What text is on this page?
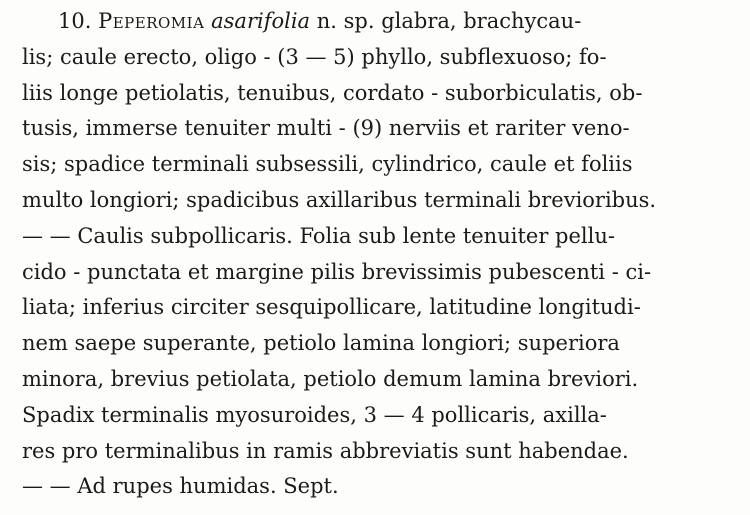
10. Peperomia asarifolia n. sp. glabra, brachycau-
lis; caule erecto, oligo - (3 — 5) phyllo, subflexuoso; fo-
liis longe petiolatis, tenuibus, cordato - suborbiculatis, ob-
tusis, immerse tenuiter multi - (9) nerviis et rariter veno-
sis; spadice terminali subsessili, cylindrico, caule et foliis
multo longiori; spadicibus axillaribus terminali brevioribus.
— — Caulis subpollicaris. Folia sub lente tenuiter pellu-
cido - punctata et margine pilis brevissimis pubescenti - ci-
liata; inferius circiter sesquipollicare, latitudine longitudi-
nem saepe superante, petiolo lamina longiori; superiora
minora, brevius petiolata, petiolo demum lamina breviori.
Spadix terminalis myosuroides, 3 — 4 pollicaris, axilla-
res pro terminalibus in ramis abbreviatis sunt habendae.
— — Ad rupes humidas. Sept.
